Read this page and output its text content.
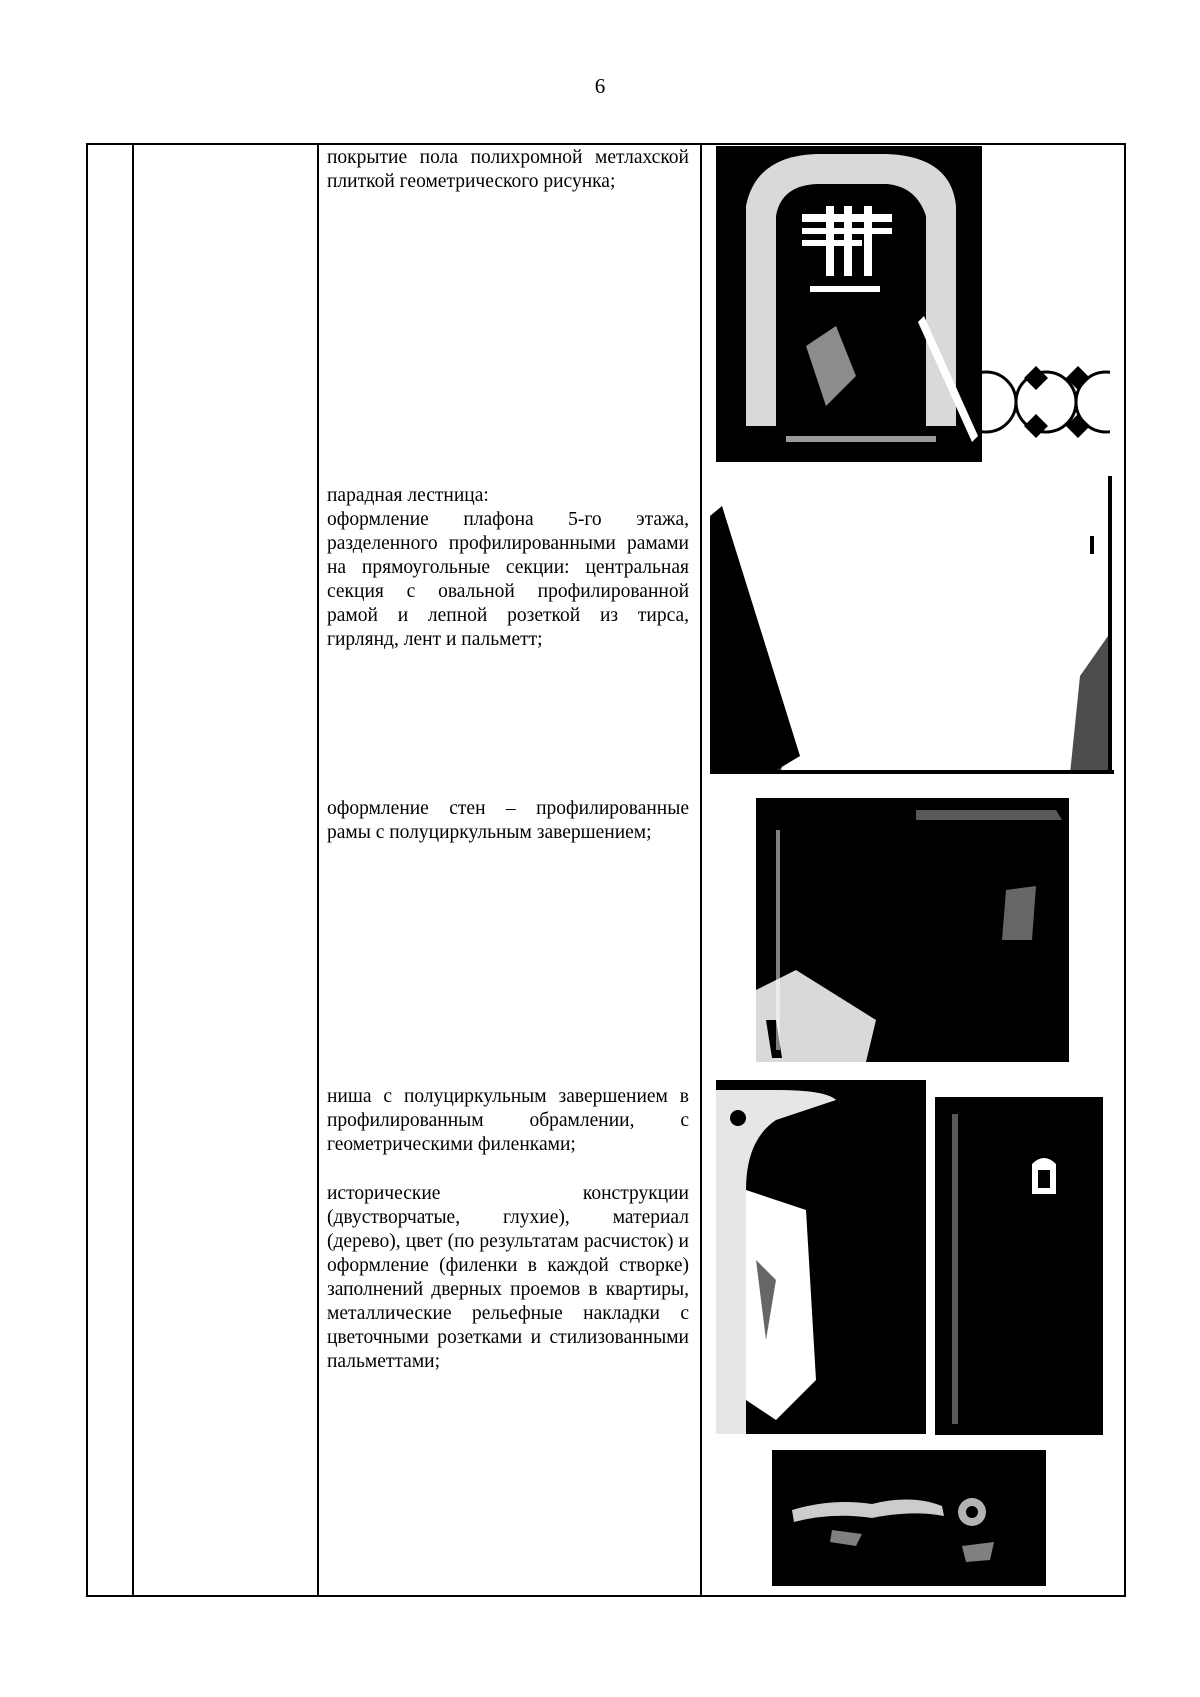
6

покрытие пола полихромной метлахской плиткой геометрического рисунка;

парадная лестница:

оформление плафона 5-го этажа, разделенного профилированными рамами на прямоугольные секции: центральная секция с овальной профилированной рамой и лепной розеткой из тирса, гирлянд, лент и пальметт;

оформление стен – профилированные рамы с полуциркульным завершением;

ниша с полуциркульным завершением в профилированным обрамлении, с геометрическими филенками;

исторические конструкции (двустворчатые, глухие), материал (дерево), цвет (по результатам расчисток) и оформление (филенки в каждой створке) заполнений дверных проемов в квартиры, металлические рельефные накладки с цветочными розетками и стилизованными пальметтами;
